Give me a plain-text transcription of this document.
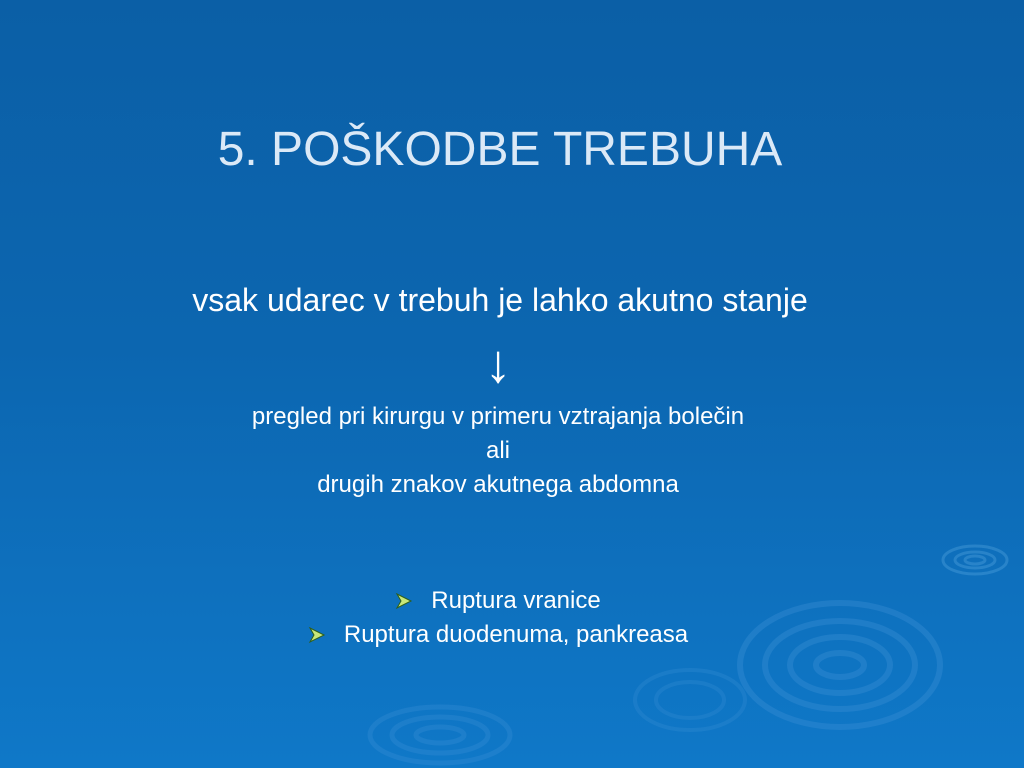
5. POŠKODBE TREBUHA
vsak udarec v trebuh je lahko akutno stanje
↓
pregled pri kirurgu v primeru vztrajanja bolečin
ali
drugih znakov akutnega abdomna
Ruptura vranice
Ruptura duodenuma, pankreasa
